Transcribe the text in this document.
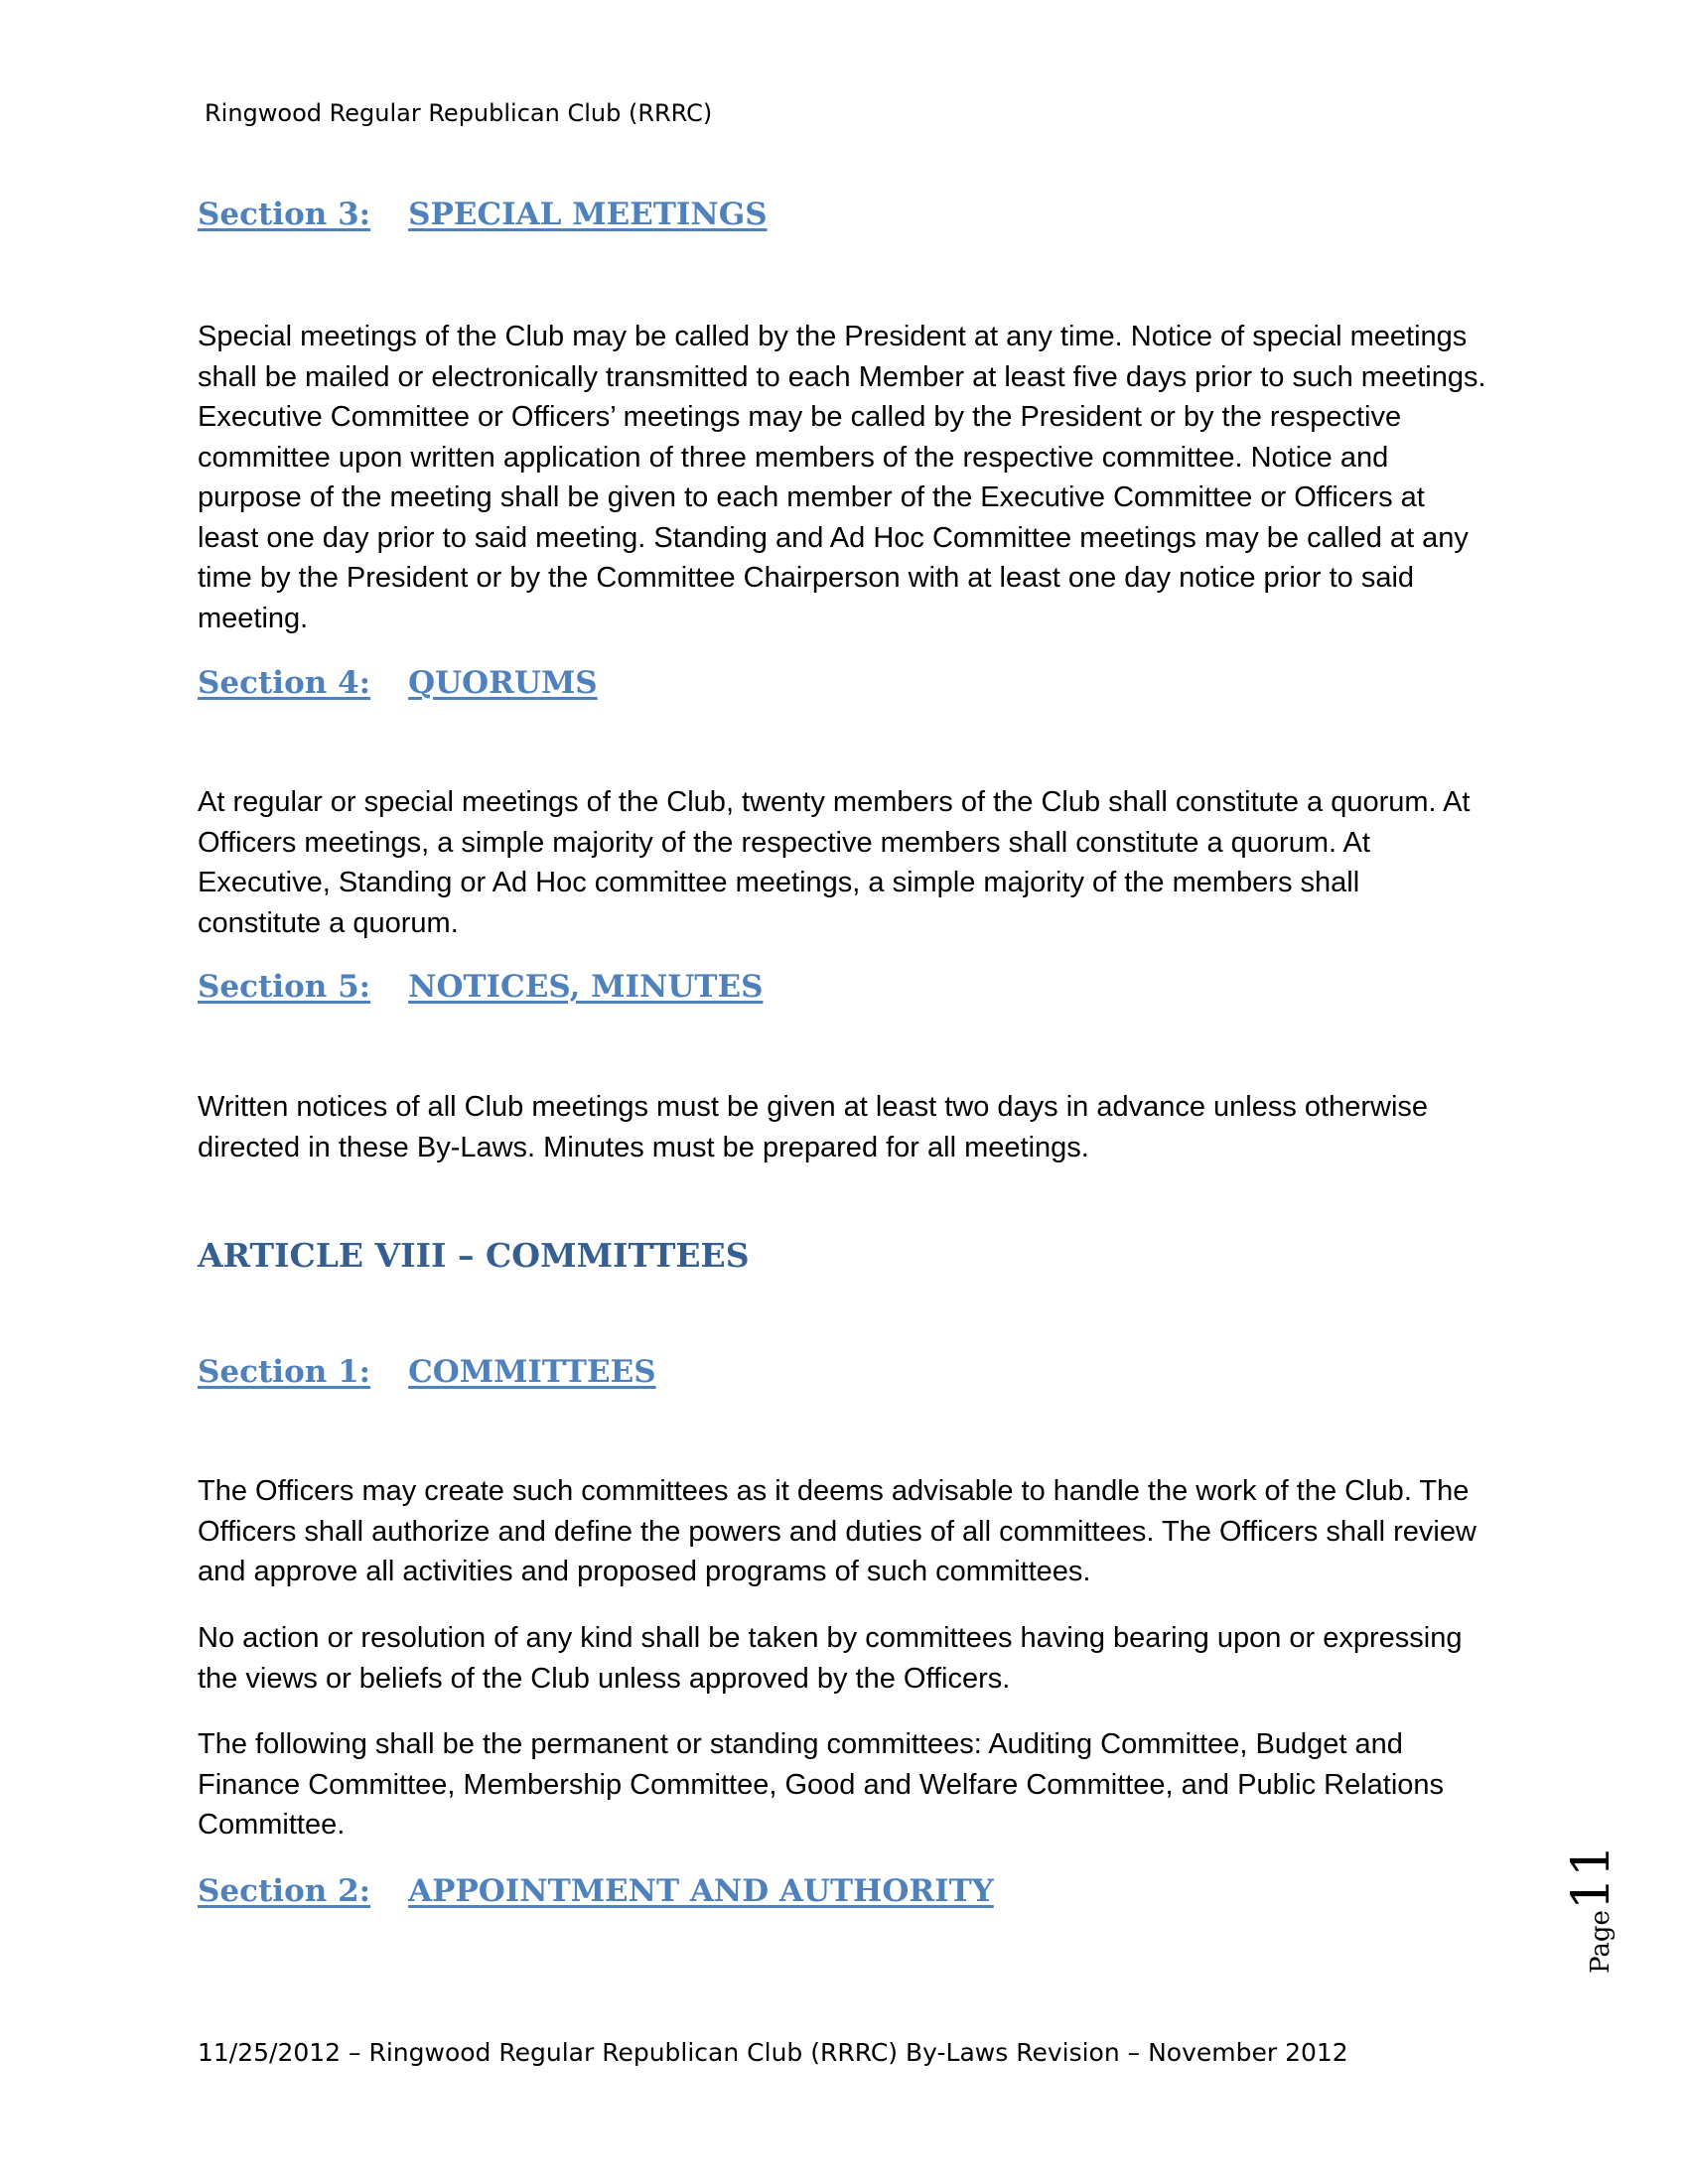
Ringwood Regular Republican Club (RRRC)
Section 3: SPECIAL MEETINGS

Special meetings of the Club may be called by the President at any time. Notice of special meetings shall be mailed or electronically transmitted to each Member at least five days prior to such meetings. Executive Committee or Officers’ meetings may be called by the President or by the respective committee upon written application of three members of the respective committee. Notice and purpose of the meeting shall be given to each member of the Executive Committee or Officers at least one day prior to said meeting. Standing and Ad Hoc Committee meetings may be called at any time by the President or by the Committee Chairperson with at least one day notice prior to said meeting.

Section 4: QUORUMS

At regular or special meetings of the Club, twenty members of the Club shall constitute a quorum. At Officers meetings, a simple majority of the respective members shall constitute a quorum. At Executive, Standing or Ad Hoc committee meetings, a simple majority of the members shall constitute a quorum.

Section 5: NOTICES, MINUTES

Written notices of all Club meetings must be given at least two days in advance unless otherwise directed in these By-Laws. Minutes must be prepared for all meetings.

ARTICLE VIII – COMMITTEES
Section 1: COMMITTEES

The Officers may create such committees as it deems advisable to handle the work of the Club. The Officers shall authorize and define the powers and duties of all committees. The Officers shall review and approve all activities and proposed programs of such committees.

No action or resolution of any kind shall be taken by committees having bearing upon or expressing the views or beliefs of the Club unless approved by the Officers.

The following shall be the permanent or standing committees: Auditing Committee, Budget and Finance Committee, Membership Committee, Good and Welfare Committee, and Public Relations Committee.

Section 2: APPOINTMENT AND AUTHORITY
Page11
11/25/2012 – Ringwood Regular Republican Club (RRRC) By-Laws Revision – November 2012
